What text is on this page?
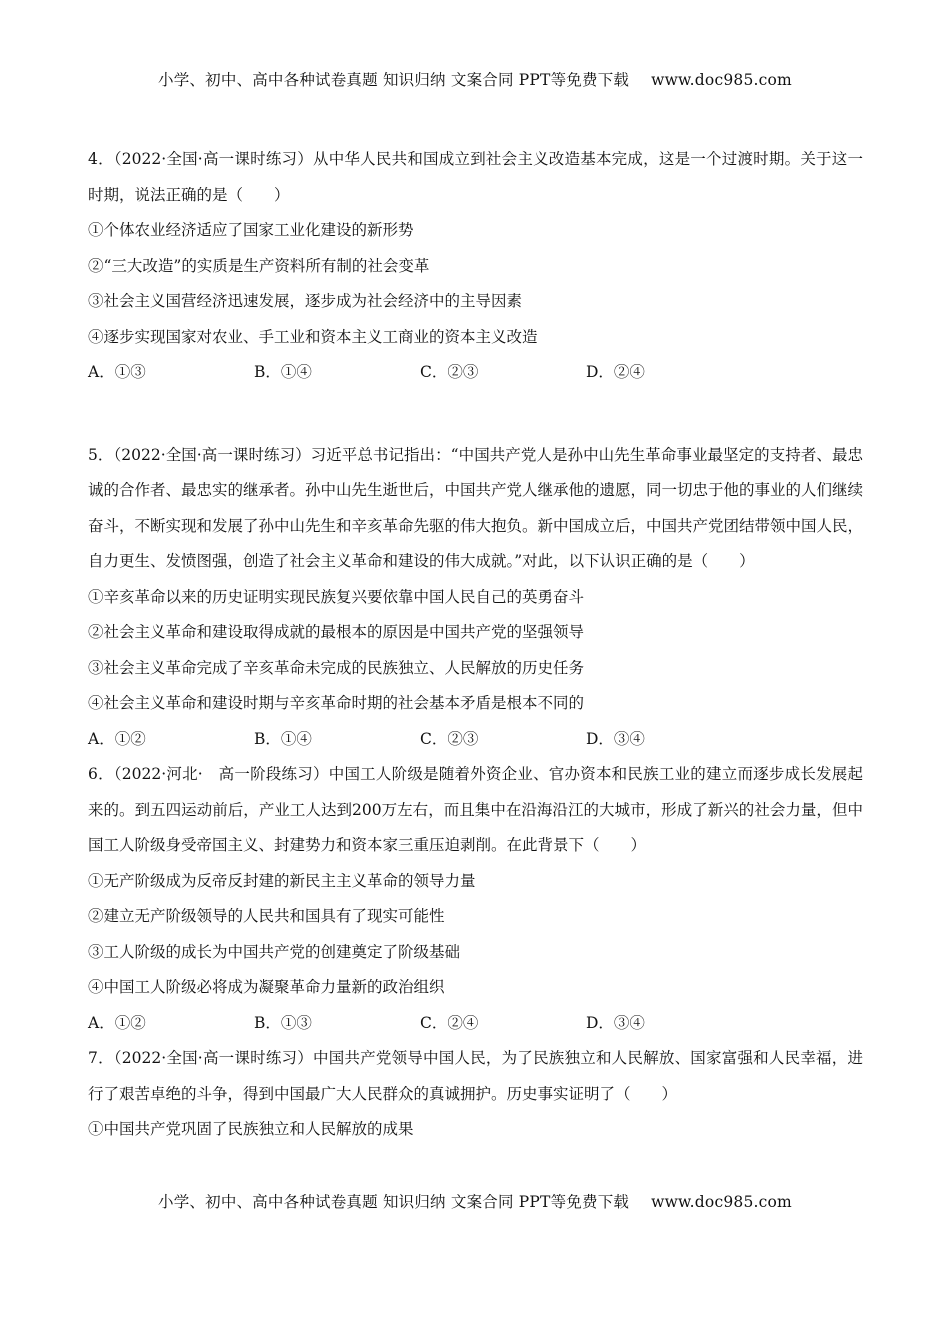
小学、初中、高中各种试卷真题 知识归纳 文案合同 PPT等免费下载 www.doc985.com
4．（2022·全国·高一课时练习）从中华人民共和国成立到社会主义改造基本完成，这是一个过渡时期。关于这一时期，说法正确的是（　　）
①个体农业经济适应了国家工业化建设的新形势
②“三大改造”的实质是生产资料所有制的社会变革
③社会主义国营经济迅速发展，逐步成为社会经济中的主导因素
④逐步实现国家对农业、手工业和资本主义工商业的资本主义改造
A．①③	B．①④	C．②③	D．②④
5．（2022·全国·高一课时练习）习近平总书记指出：“中国共产党人是孙中山先生革命事业最坚定的支持者、最忠诚的合作者、最忠实的继承者。孙中山先生逝世后，中国共产党人继承他的遗愿，同一切忠于他的事业的人们继续奋斗，不断实现和发展了孙中山先生和辛亥革命先驱的伟大抱负。新中国成立后，中国共产党团结带领中国人民，自力更生、发愤图强，创造了社会主义革命和建设的伟大成就。”对此，以下认识正确的是（　　）
①辛亥革命以来的历史证明实现民族复兴要依靠中国人民自己的英勇奋斗
②社会主义革命和建设取得成就的最根本的原因是中国共产党的坚强领导
③社会主义革命完成了辛亥革命未完成的民族独立、人民解放的历史任务
④社会主义革命和建设时期与辛亥革命时期的社会基本矛盾是根本不同的
A．①②	B．①④	C．②③	D．③④
6．（2022·河北·　高一阶段练习）中国工人阶级是随着外资企业、官办资本和民族工业的建立而逐步成长发展起来的。到五四运动前后，产业工人达到200万左右，而且集中在沿海沿江的大城市，形成了新兴的社会力量，但中国工人阶级身受帝国主义、封建势力和资本家三重压迫剥削。在此背景下（　　）
①无产阶级成为反帝反封建的新民主主义革命的领导力量
②建立无产阶级领导的人民共和国具有了现实可能性
③工人阶级的成长为中国共产党的创建奠定了阶级基础
④中国工人阶级必将成为凝聚革命力量新的政治组织
A．①②	B．①③	C．②④	D．③④
7．（2022·全国·高一课时练习）中国共产党领导中国人民，为了民族独立和人民解放、国家富强和人民幸福，进行了艰苦卓绝的斗争，得到中国最广大人民群众的真诚拥护。历史事实证明了（　　）
①中国共产党巩固了民族独立和人民解放的成果
小学、初中、高中各种试卷真题 知识归纳 文案合同 PPT等免费下载 www.doc985.com
